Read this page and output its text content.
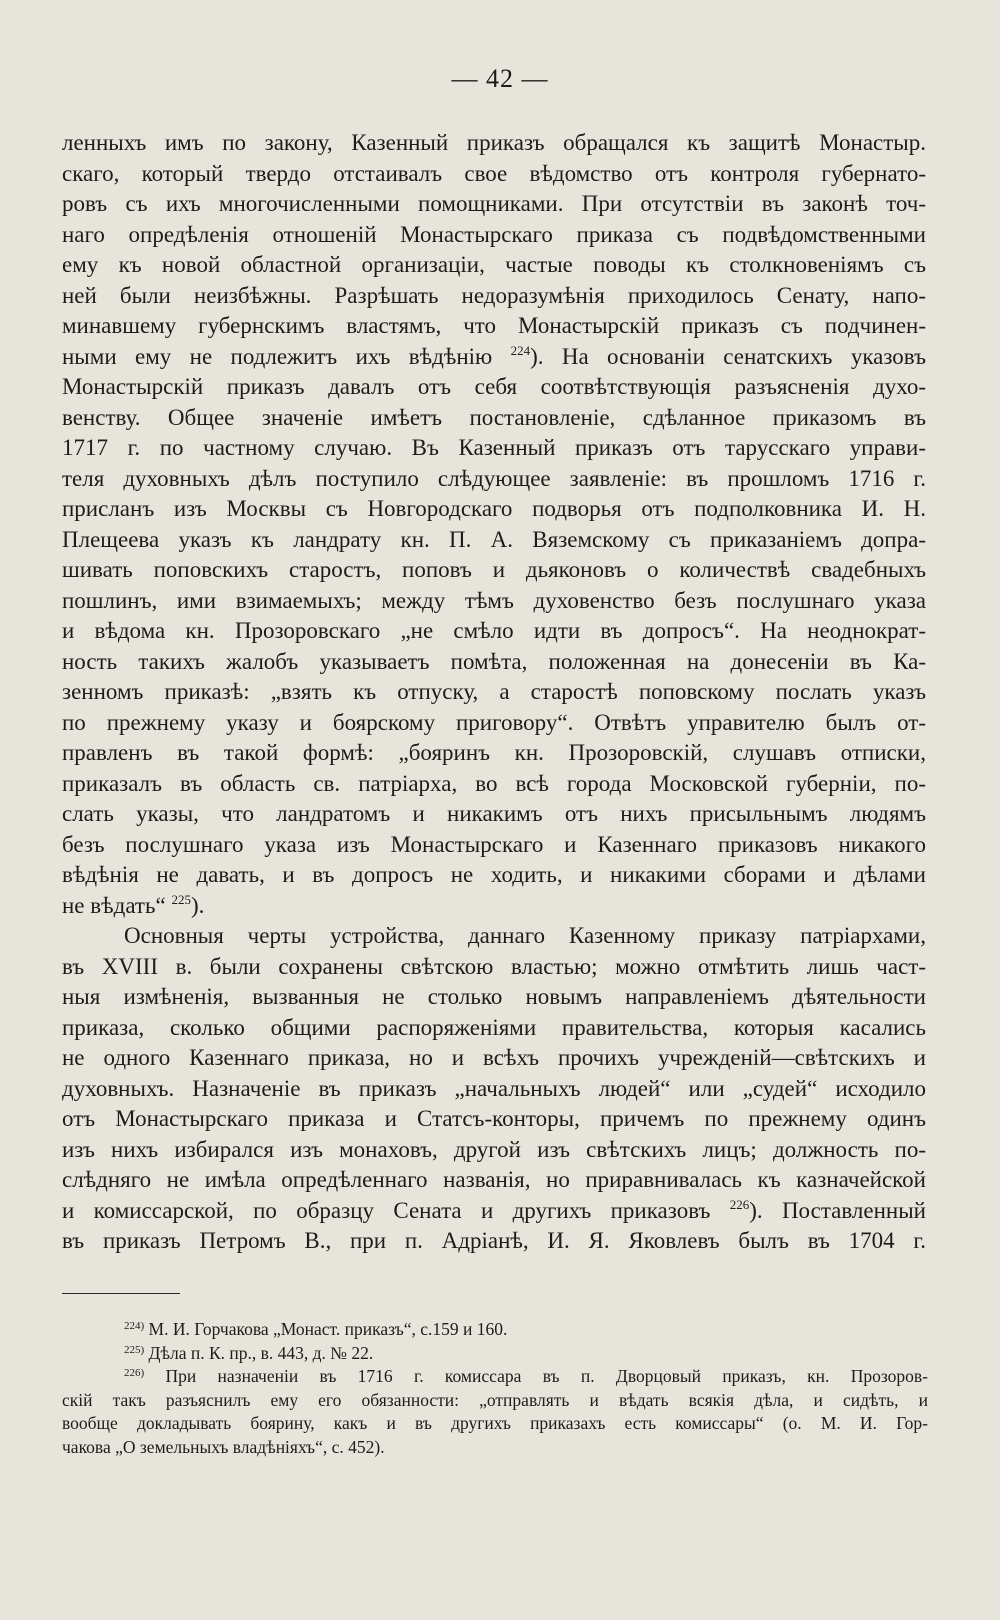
— 42 —
ленныхъ имъ по закону, Казенный приказъ обращался къ защитѣ Монастыр.
скаго, который твердо отстаивалъ свое вѣдомство отъ контроля губернато-
ровъ съ ихъ многочисленными помощниками. При отсутствiи въ законѣ точ-
наго опредѣленiя отношенiй Монастырскаго приказа съ подвѣдомственными
ему къ новой областной организацiи, частые поводы къ столкновенiямъ съ
ней были неизбѣжны. Разрѣшать недоразумѣнiя приходилось Сенату, напо-
минавшему губернскимъ властямъ, что Монастырскiй приказъ съ подчинен-
ными ему не подлежитъ ихъ вѣдѣнiю $^{224}$). На основанiи сенатскихъ указовъ
Монастырскiй приказъ давалъ отъ себя соотвѣтствующiя разъясненiя духо-
венству. Общее значенiе имѣетъ постановленiе, сдѣланное приказомъ въ
1717 г. по частному случаю. Въ Казенный приказъ отъ тарусскаго управи-
теля духовныхъ дѣлъ поступило слѣдующее заявленiе: въ прошломъ 1716 г.
присланъ изъ Москвы съ Новгородскаго подворья отъ подполковника И. Н.
Плещеева указъ къ ландрату кн. П. А. Вяземскому съ приказанiемъ допра-
шивать поповскихъ старостъ, поповъ и дьяконовъ о количествѣ свадебныхъ
пошлинъ, ими взимаемыхъ; между тѣмъ духовенство безъ послушнаго указа
и вѣдома кн. Прозоровскаго „не смѣло идти въ допросъ“. На неоднократ-
ность такихъ жалобъ указываетъ помѣта, положенная на донесенiи въ Ка-
зенномъ приказѣ: „взять къ отпуску, а старостѣ поповскому послать указъ
по прежнему указу и боярскому приговору“. Отвѣтъ управителю былъ от-
правленъ въ такой формѣ: „бояринъ кн. Прозоровскiй, слушавъ отписки,
приказалъ въ область св. патрiарха, во всѣ города Московской губернiи, по-
слать указы, что ландратомъ и никакимъ отъ нихъ присыльнымъ людямъ
безъ послушнаго указа изъ Монастырскаго и Казеннаго приказовъ никакого
вѣдѣнiя не давать, и въ допросъ не ходить, и никакими сборами и дѣлами
не вѣдать“ $^{225}$).
Основныя черты устройства, даннаго Казенному приказу патрiархами,
въ XVIII в. были сохранены свѣтскою властью; можно отмѣтить лишь част-
ныя измѣненiя, вызванныя не столько новымъ направленiемъ дѣятельности
приказа, сколько общими распоряженiями правительства, которыя касались
не одного Казеннаго приказа, но и всѣхъ прочихъ учрежденiй—свѣтскихъ и
духовныхъ. Назначенiе въ приказъ „начальныхъ людей“ или „судей“ исходило
отъ Монастырскаго приказа и Статсъ-конторы, причемъ по прежнему одинъ
изъ нихъ избирался изъ монаховъ, другой изъ свѣтскихъ лицъ; должность по-
слѣдняго не имѣла опредѣленнаго названiя, но приравнивалась къ казначейской
и комиссарской, по образцу Сената и другихъ приказовъ $^{226}$). Поставленный
въ приказъ Петромъ В., при п. Адрiанѣ, И. Я. Яковлевъ былъ въ 1704 г.
$^{224)}$ М. И. Горчакова „Монаст. приказъ“, с.159 и 160.
$^{225)}$ Дѣла п. К. пр., в. 443, д. № 22.
$^{226)}$ При назначенiи въ 1716 г. комиссара въ п. Дворцовый приказъ, кн. Прозоров-
скiй такъ разъяснилъ ему его обязанности: „отправлять и вѣдать всякiя дѣла, и сидѣть, и
вообще докладывать боярину, какъ и въ другихъ приказахъ есть комиссары“ (о. М. И. Гор-
чакова „О земельныхъ владѣнiяхъ“, с. 452).
